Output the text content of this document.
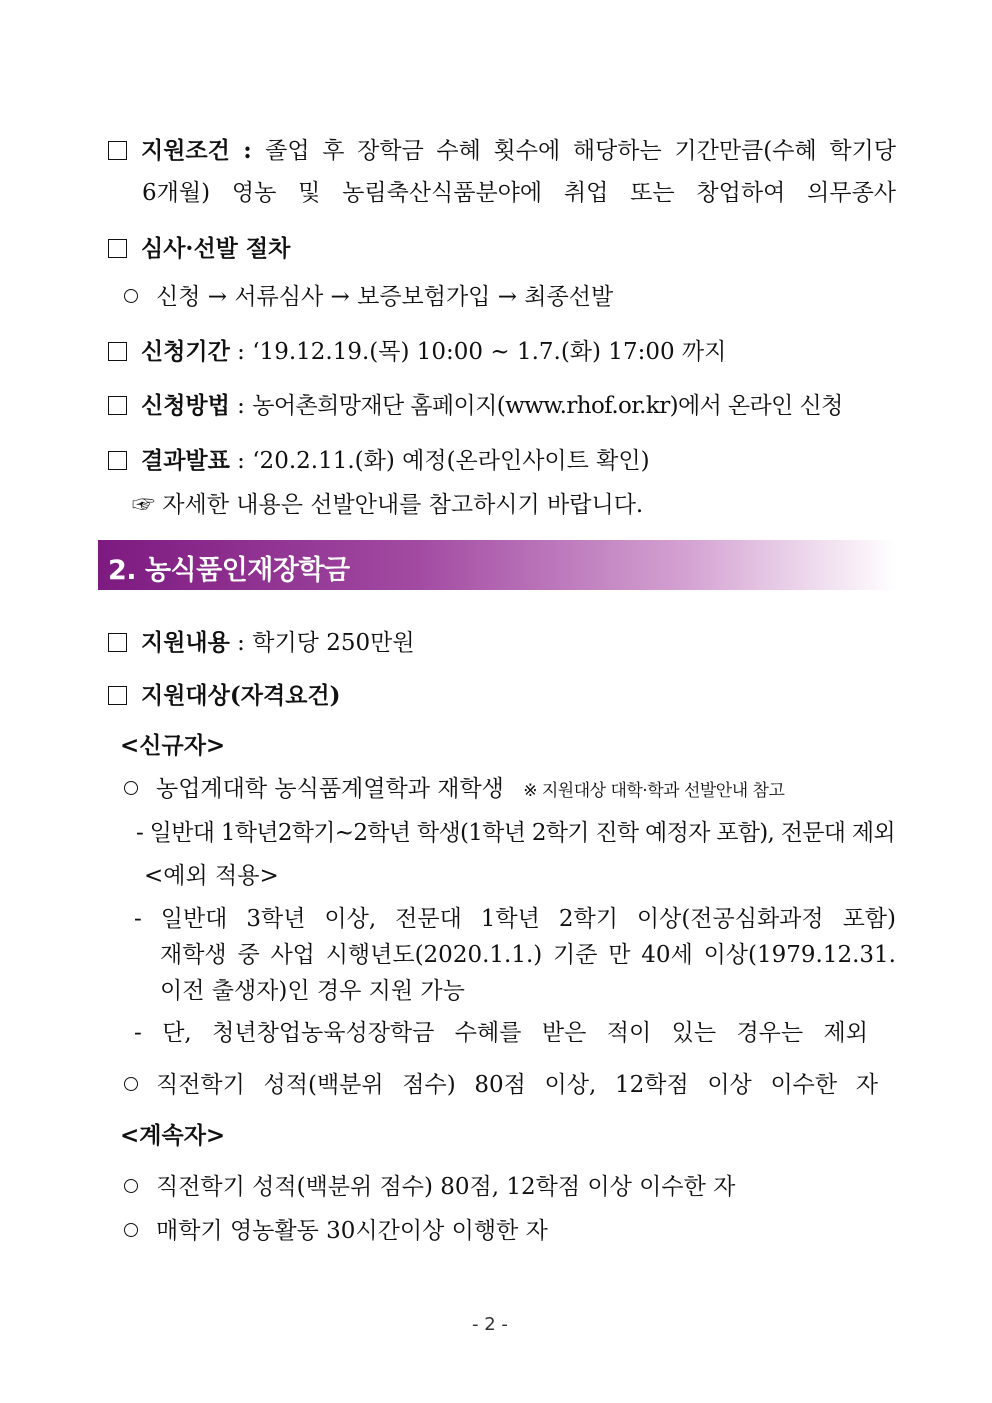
지원조건 : 졸업 후 장학금 수혜 횟수에 해당하는 기간만큼(수혜 학기당
6개월) 영농 및 농림축산식품분야에 취업 또는 창업하여 의무종사
심사·선발 절차
신청 → 서류심사 → 보증보험가입 → 최종선발
신청기간 : ‘19.12.19.(목) 10:00 ~ 1.7.(화) 17:00 까지
신청방법 : 농어촌희망재단 홈페이지(www.rhof.or.kr)에서 온라인 신청
결과발표 : ‘20.2.11.(화) 예정(온라인사이트 확인)
☞ 자세한 내용은 선발안내를 참고하시기 바랍니다.
2. 농식품인재장학금
지원내용 : 학기당 250만원
지원대상(자격요건)
<신규자>
농업계대학 농식품계열학과 재학생 ※ 지원대상 대학·학과 선발안내 참고
- 일반대 1학년2학기~2학년 학생(1학년 2학기 진학 예정자 포함), 전문대 제외
<예외 적용>
- 일반대 3학년 이상, 전문대 1학년 2학기 이상(전공심화과정 포함)
재학생 중 사업 시행년도(2020.1.1.) 기준 만 40세 이상(1979.12.31.
이전 출생자)인 경우 지원 가능
- 단, 청년창업농육성장학금 수혜를 받은 적이 있는 경우는 제외
직전학기 성적(백분위 점수) 80점 이상, 12학점 이상 이수한 자
<계속자>
직전학기 성적(백분위 점수) 80점, 12학점 이상 이수한 자
매학기 영농활동 30시간이상 이행한 자
- 2 -
